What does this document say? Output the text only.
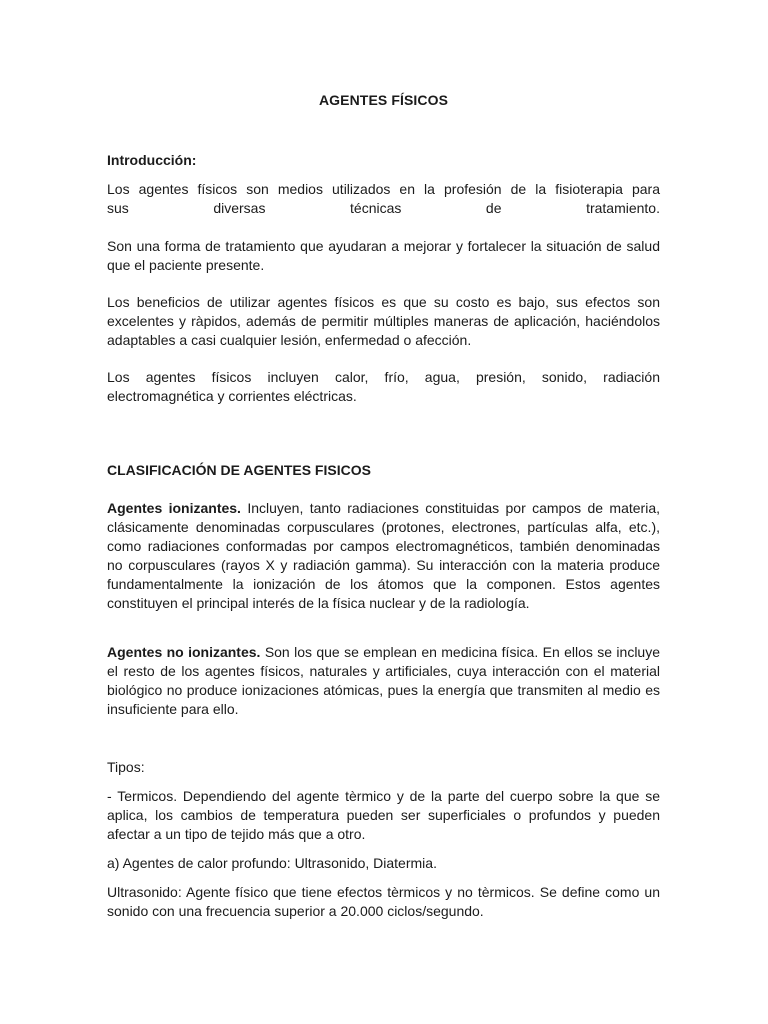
AGENTES FÍSICOS
Introducción:
Los agentes físicos son medios utilizados en la profesión de la fisioterapia para
sus diversas técnicas de tratamiento.
Son una forma de tratamiento que ayudaran a mejorar y fortalecer la situación de salud que el paciente presente.
Los beneficios de utilizar agentes físicos es que su costo es bajo, sus efectos son excelentes y ràpidos, además de permitir múltiples maneras de aplicación, haciéndolos adaptables a casi cualquier lesión, enfermedad o afección.
Los agentes físicos incluyen calor, frío, agua, presión, sonido, radiación electromagnética y corrientes eléctricas.
CLASIFICACIÓN DE AGENTES FISICOS
Agentes ionizantes. Incluyen, tanto radiaciones constituidas por campos de materia, clásicamente denominadas corpusculares (protones, electrones, partículas alfa, etc.), como radiaciones conformadas por campos electromagnéticos, también denominadas no corpusculares (rayos X y radiación gamma). Su interacción con la materia produce fundamentalmente la ionización de los átomos que la componen. Estos agentes constituyen el principal interés de la física nuclear y de la radiología.
Agentes no ionizantes. Son los que se emplean en medicina física. En ellos se incluye el resto de los agentes físicos, naturales y artificiales, cuya interacción con el material biológico no produce ionizaciones atómicas, pues la energía que transmiten al medio es insuficiente para ello.
Tipos:
- Termicos. Dependiendo del agente tèrmico y de la parte del cuerpo sobre la que se aplica, los cambios de temperatura pueden ser superficiales o profundos y pueden afectar a un tipo de tejido más que a otro.
a) Agentes de calor profundo: Ultrasonido, Diatermia.
Ultrasonido: Agente físico que tiene efectos tèrmicos y no tèrmicos. Se define como un sonido con una frecuencia superior a 20.000 ciclos/segundo.
